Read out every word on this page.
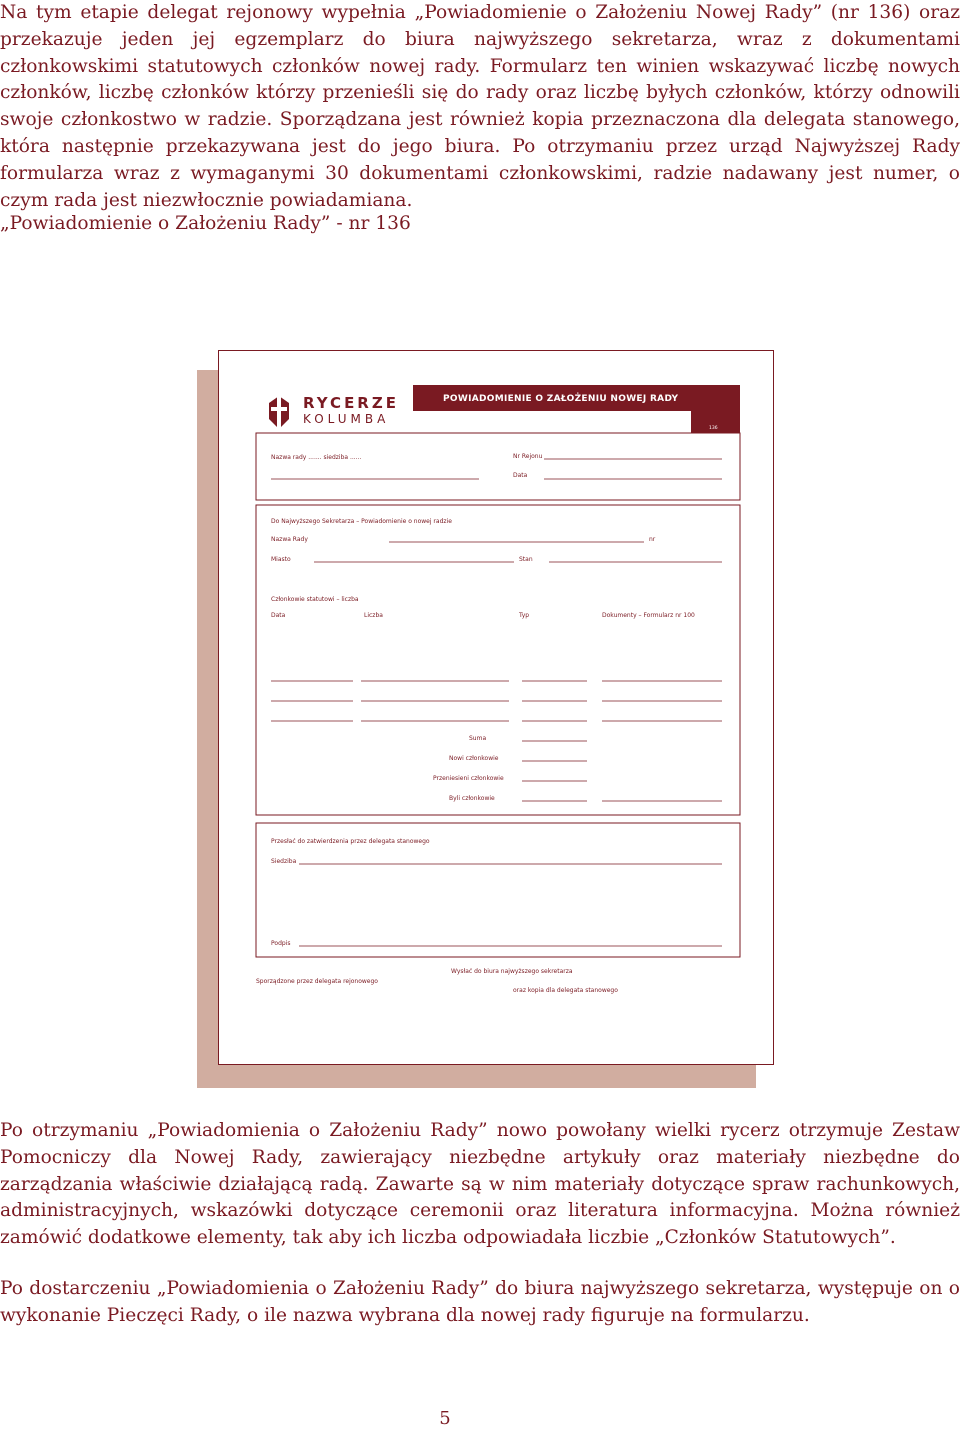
Na tym etapie delegat rejonowy wypełnia „Powiadomienie o Założeniu Nowej Rady” (nr 136) oraz przekazuje jeden jej egzemplarz do biura najwyższego sekretarza, wraz z dokumentami członkowskimi statutowych członków nowej rady. Formularz ten winien wskazywać liczbę nowych członków, liczbę członków którzy przenieśli się do rady oraz liczbę byłych członków, którzy odnowili swoje członkostwo w radzie. Sporządzana jest również kopia przeznaczona dla delegata stanowego, która następnie przekazywana jest do jego biura. Po otrzymaniu przez urząd Najwyższej Rady formularza wraz z wymaganymi 30 dokumentami członkowskimi, radzie nadawany jest numer, o czym rada jest niezwłocznie powiadamiana.

„Powiadomienie o Założeniu Rady” - nr 136

RYCERZE
KOLUMBA
POWIADOMIENIE O ZAŁOŻENIU NOWEJ RADY
136
Nazwa rady ....... siedziba ......	Nr Rejonu
Data
Do Najwyższego Sekretarza – Powiadomienie o nowej radzie
Nazwa Rady	nr
Miasto	Stan
Członkowie statutowi – liczba
Data	Liczba	Typ	Dokumenty – Formularz nr 100
Suma
Nowi członkowie
Przeniesieni członkowie
Byli członkowie
Przesłać do zatwierdzenia przez delegata stanowego
Siedziba
Podpis
Sporządzone przez delegata rejonowego
Wysłać do biura najwyższego sekretarza
oraz kopia dla delegata stanowego

Po otrzymaniu „Powiadomienia o Założeniu Rady” nowo powołany wielki rycerz otrzymuje Zestaw Pomocniczy dla Nowej Rady, zawierający niezbędne artykuły oraz materiały niezbędne do zarządzania właściwie działającą radą. Zawarte są w nim materiały dotyczące spraw rachunkowych, administracyjnych, wskazówki dotyczące ceremonii oraz literatura informacyjna. Można również zamówić dodatkowe elementy, tak aby ich liczba odpowiadała liczbie „Członków Statutowych”.

Po dostarczeniu „Powiadomienia o Założeniu Rady” do biura najwyższego sekretarza, występuje on o wykonanie Pieczęci Rady, o ile nazwa wybrana dla nowej rady figuruje na formularzu.

5
